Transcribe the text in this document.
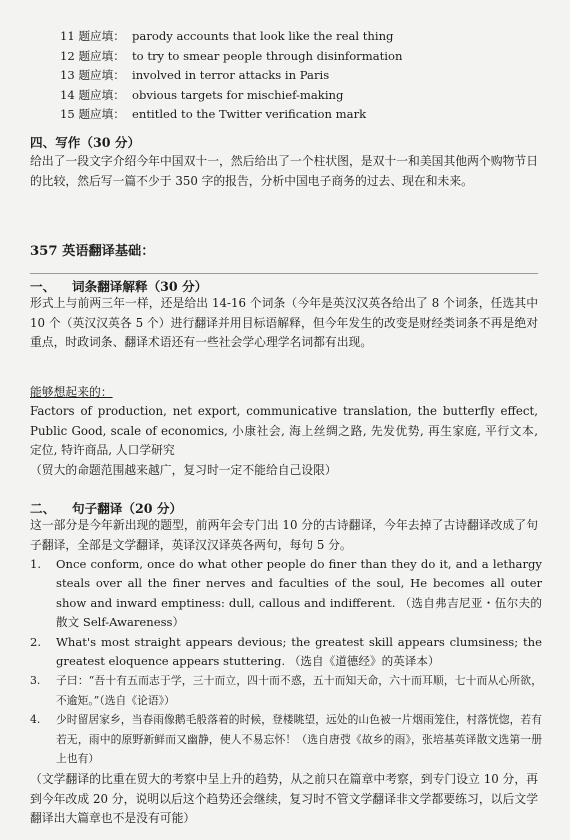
11 题应填： parody accounts that look like the real thing
12 题应填： to try to smear people through disinformation
13 题应填： involved in terror attacks in Paris
14 题应填： obvious targets for mischief-making
15 题应填： entitled to the Twitter verification mark
四、写作（30 分）
给出了一段文字介绍今年中国双十一，然后给出了一个柱状图，是双十一和美国其他两个购物节日的比较，然后写一篇不少于 350 字的报告，分析中国电子商务的过去、现在和未来。
357 英语翻译基础：
一、 词条翻译解释（30 分）
形式上与前两三年一样，还是给出 14-16 个词条（今年是英汉汉英各给出了 8 个词条，任选其中 10 个（英汉汉英各 5 个）进行翻译并用目标语解释，但今年发生的改变是财经类词条不再是绝对重点，时政词条、翻译术语还有一些社会学心理学名词都有出现。
能够想起来的：
Factors of production, net export, communicative translation, the butterfly effect, Public Good, scale of economics, 小康社会, 海上丝绸之路, 先发优势, 再生家庭, 平行文本, 定位, 特许商品, 人口学研究
（贸大的命题范围越来越广，复习时一定不能给自己设限）
二、 句子翻译（20 分）
这一部分是今年新出现的题型，前两年会专门出 10 分的古诗翻译，今年去掉了古诗翻译改成了句子翻译，全部是文学翻译，英译汉汉译英各两句，每句 5 分。
1. Once conform, once do what other people do finer than they do it, and a lethargy steals over all the finer nerves and faculties of the soul, He becomes all outer show and inward emptiness: dull, callous and indifferent. （选自弗吉尼亚・伍尔夫的散文 Self-Awareness）
2. What's most straight appears devious; the greatest skill appears clumsiness; the greatest eloquence appears stuttering. （选自《道德经》的英译本）
3. 子曰：“吾十有五而志于学，三十而立，四十而不惑，五十而知天命，六十而耳顺，七十而从心所欲，不逾矩。”（选自《论语》）
4. 少时留居家乡，当春雨像鹅毛般落着的时候，登楼眺望，远处的山色被一片烟雨笼住，村落恍惚，若有若无，雨中的原野新鲜而又幽静，使人不易忘怀！（选自唐弢《故乡的雨》，张培基英译散文选第一册上也有）
（文学翻译的比重在贸大的考察中呈上升的趋势，从之前只在篇章中考察，到专门设立 10 分，再到今年改成 20 分，说明以后这个趋势还会继续，复习时不管文学翻译非文学都要练习，以后文学翻译出大篇章也不是没有可能）
